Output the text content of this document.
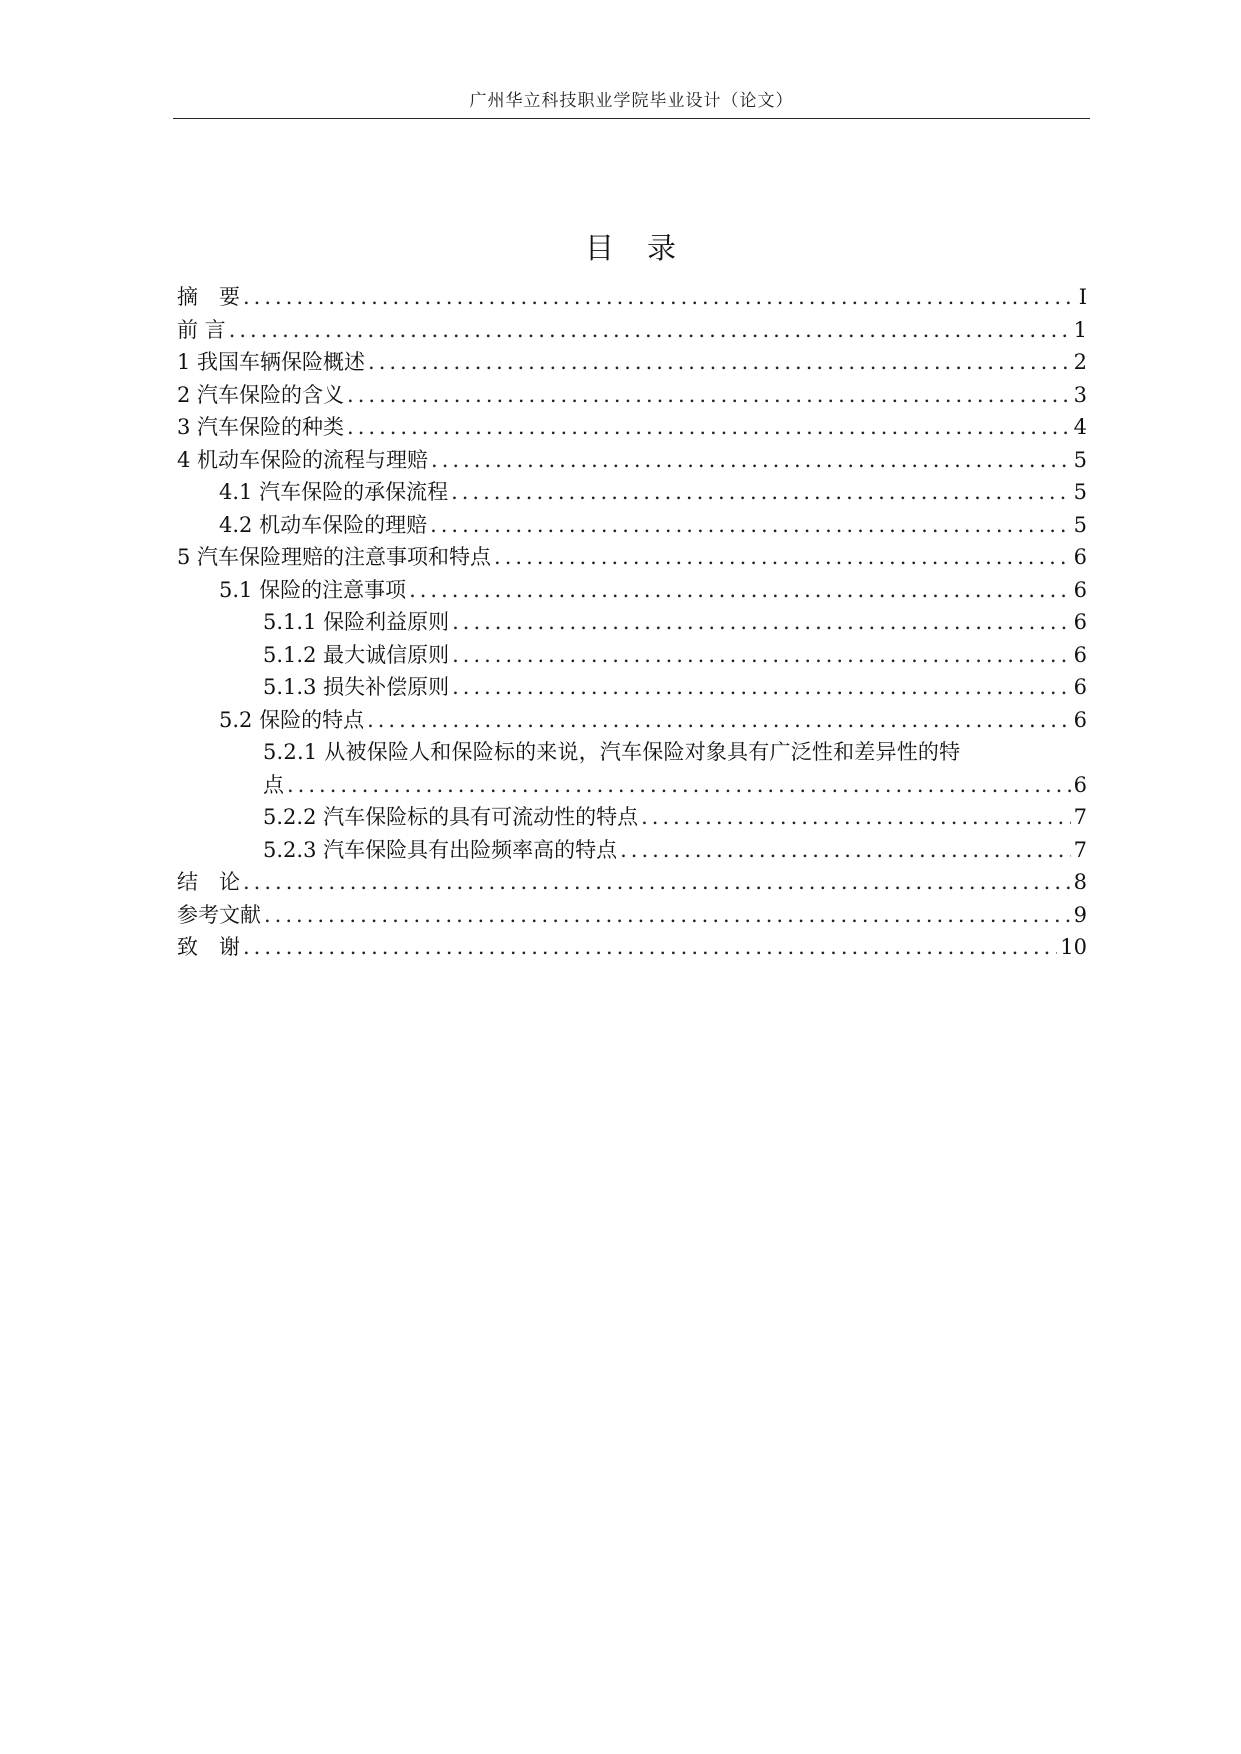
广州华立科技职业学院毕业设计（论文）
目　录
摘　要 .....	I
前 言 .....	1
1 我国车辆保险概述 .....	2
2 汽车保险的含义 .....	3
3 汽车保险的种类 .....	4
4 机动车保险的流程与理赔 .....	5
4.1 汽车保险的承保流程 .....	5
4.2 机动车保险的理赔 .....	5
5 汽车保险理赔的注意事项和特点 .....	6
5.1 保险的注意事项 .....	6
5.1.1 保险利益原则 .....	6
5.1.2 最大诚信原则 .....	6
5.1.3 损失补偿原则 .....	6
5.2 保险的特点 .....	6
5.2.1 从被保险人和保险标的来说，汽车保险对象具有广泛性和差异性的特
点 .....	6
5.2.2 汽车保险标的具有可流动性的特点 .....	7
5.2.3 汽车保险具有出险频率高的特点 .....	7
结　论 .....	8
参考文献 .....	9
致　谢 .....	10
